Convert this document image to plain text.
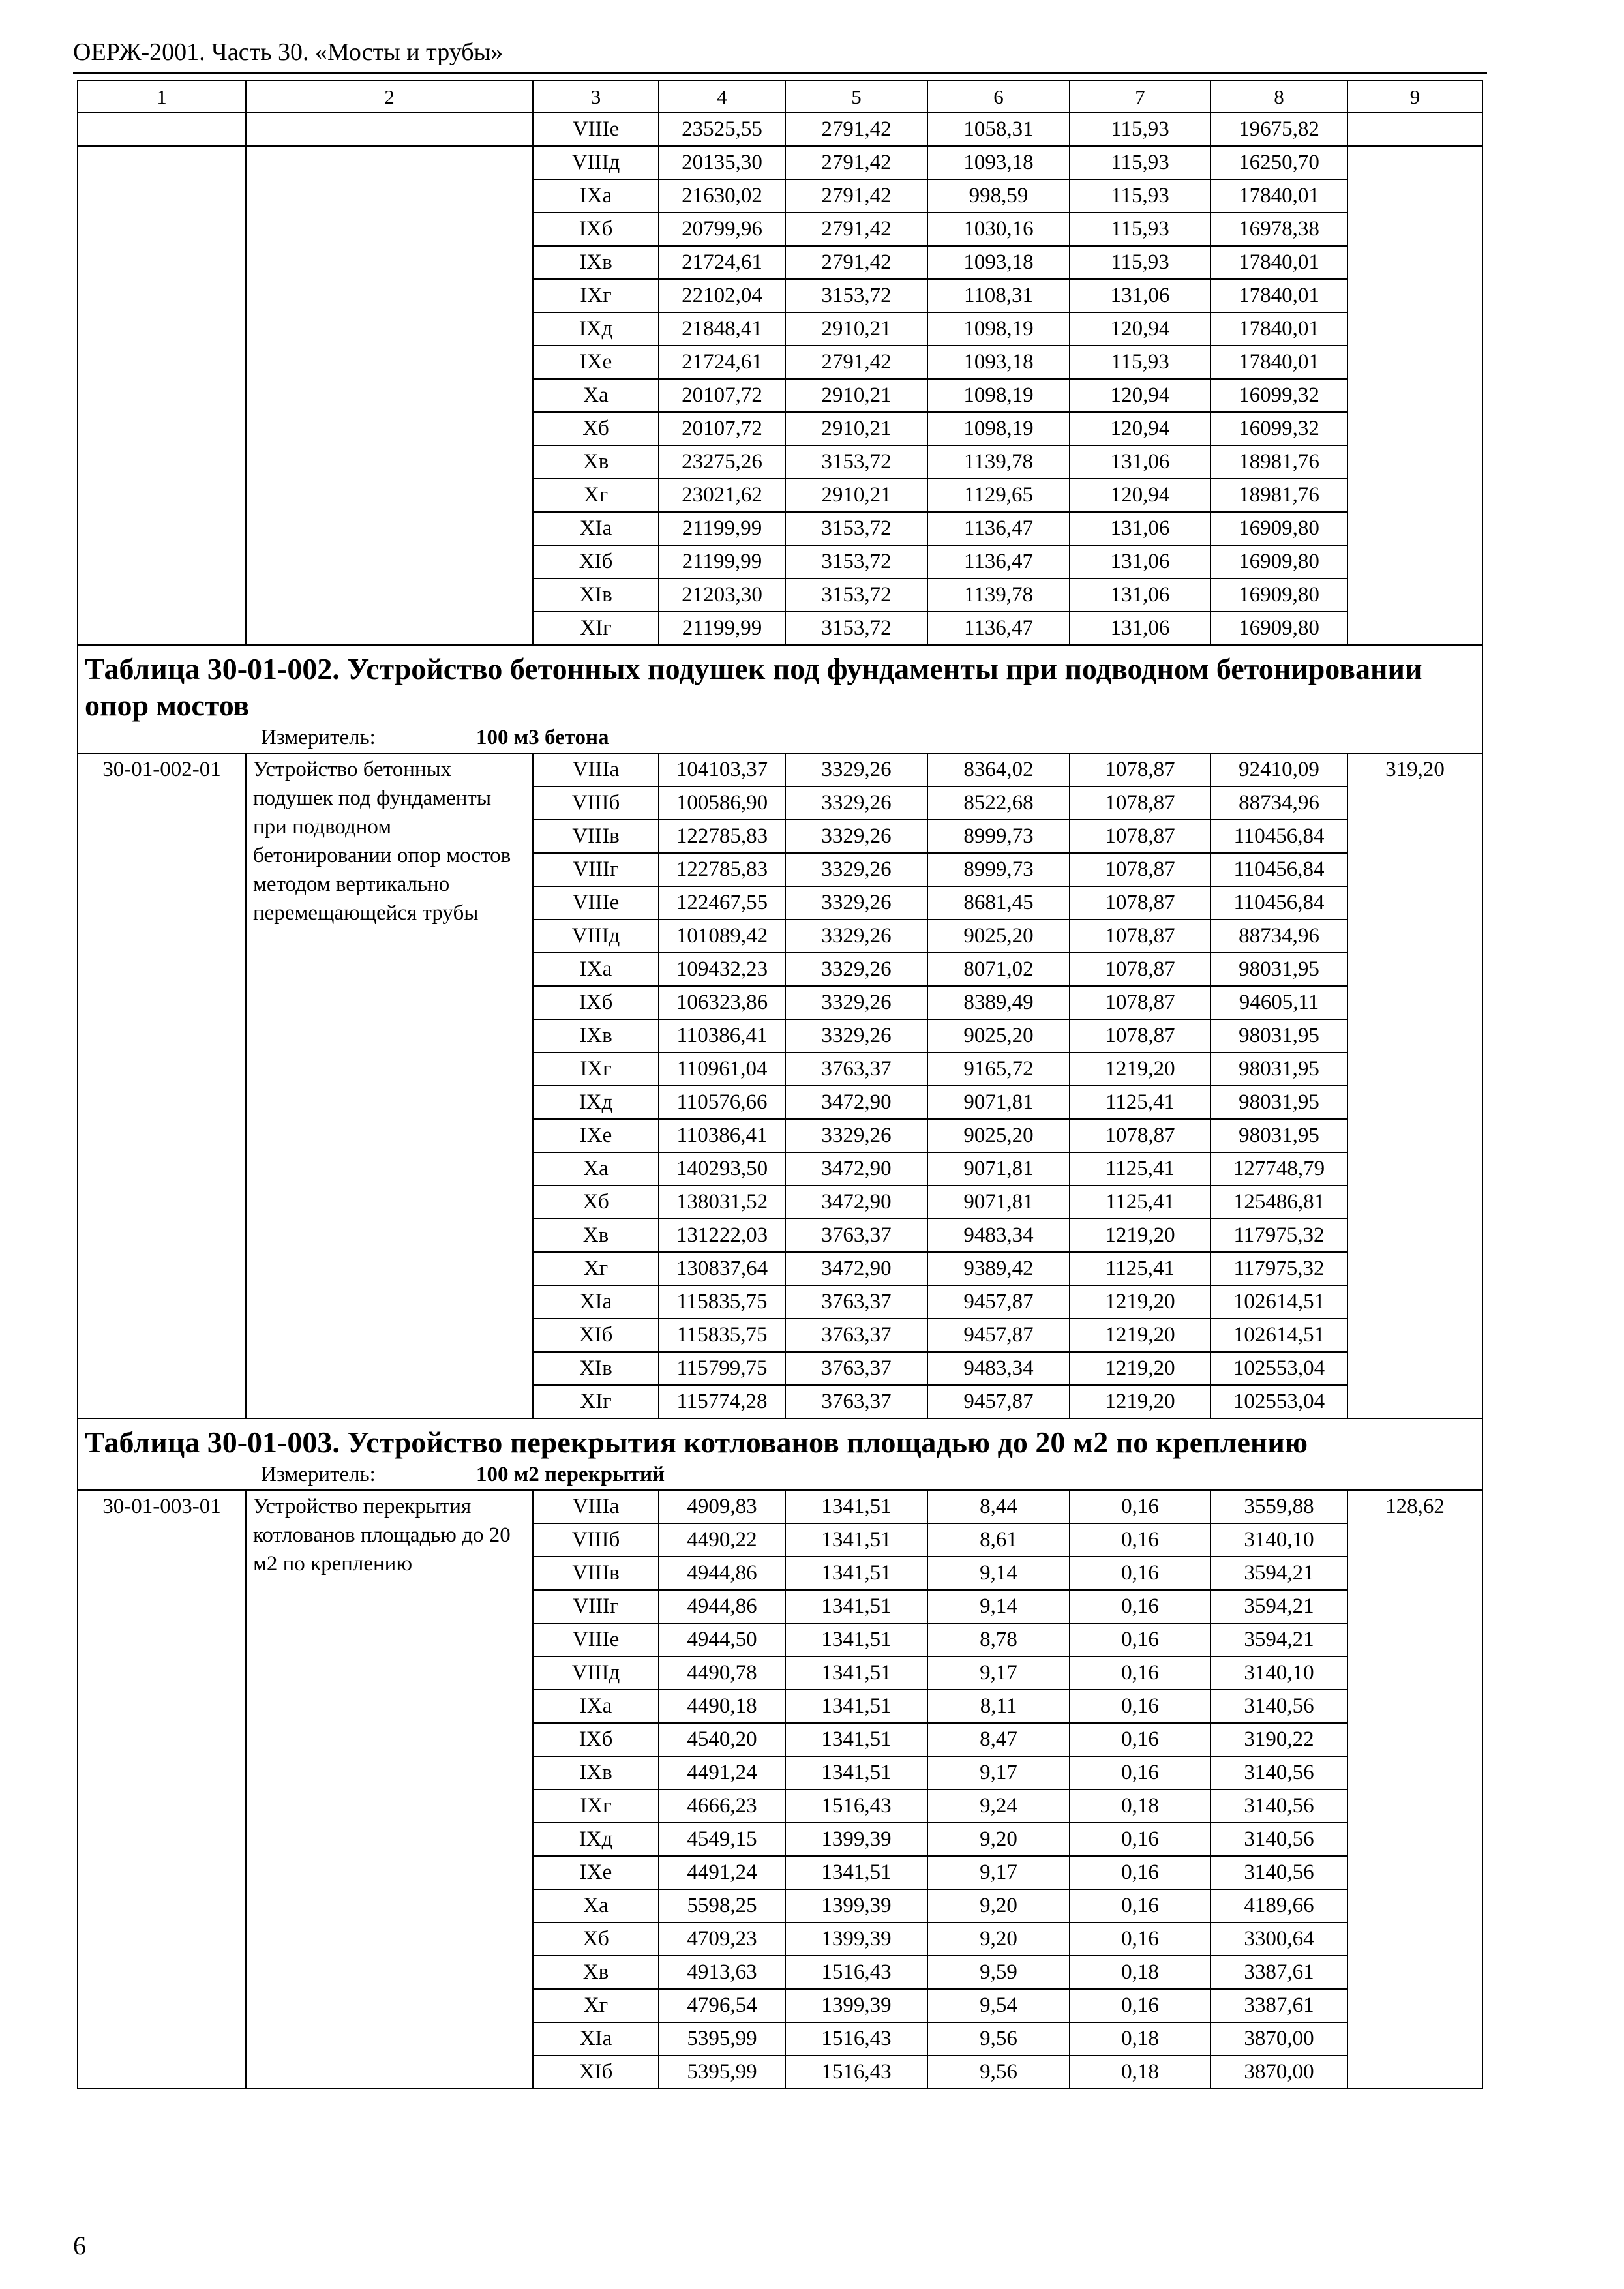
ОЕРЖ-2001. Часть 30. «Мосты и трубы»
1	2	3	4	5	6	7	8	9
		VIIIе	23525,55	2791,42	1058,31	115,93	19675,82	
		VIIIд	20135,30	2791,42	1093,18	115,93	16250,70	
		IXа	21630,02	2791,42	998,59	115,93	17840,01	
		IXб	20799,96	2791,42	1030,16	115,93	16978,38	
		IXв	21724,61	2791,42	1093,18	115,93	17840,01	
		IXг	22102,04	3153,72	1108,31	131,06	17840,01	
		IXд	21848,41	2910,21	1098,19	120,94	17840,01	
		IXе	21724,61	2791,42	1093,18	115,93	17840,01	
		Xа	20107,72	2910,21	1098,19	120,94	16099,32	
		Xб	20107,72	2910,21	1098,19	120,94	16099,32	
		Xв	23275,26	3153,72	1139,78	131,06	18981,76	
		Xг	23021,62	2910,21	1129,65	120,94	18981,76	
		XIа	21199,99	3153,72	1136,47	131,06	16909,80	
		XIб	21199,99	3153,72	1136,47	131,06	16909,80	
		XIв	21203,30	3153,72	1139,78	131,06	16909,80	
		XIг	21199,99	3153,72	1136,47	131,06	16909,80	

Таблица 30-01-002. Устройство бетонных подушек под фундаменты при подводном бетонировании опор мостов
Измеритель: 100 м3 бетона								

30-01-002-01	Устройство бетонных подушек под фундаменты при подводном бетонировании опор мостов методом вертикально перемещающейся трубы	VIIIа	104103,37	3329,26	8364,02	1078,87	92410,09	319,20
		VIIIб	100586,90	3329,26	8522,68	1078,87	88734,96	
		VIIIв	122785,83	3329,26	8999,73	1078,87	110456,84	
		VIIIг	122785,83	3329,26	8999,73	1078,87	110456,84	
		VIIIе	122467,55	3329,26	8681,45	1078,87	110456,84	
		VIIIд	101089,42	3329,26	9025,20	1078,87	88734,96	
		IXа	109432,23	3329,26	8071,02	1078,87	98031,95	
		IXб	106323,86	3329,26	8389,49	1078,87	94605,11	
		IXв	110386,41	3329,26	9025,20	1078,87	98031,95	
		IXг	110961,04	3763,37	9165,72	1219,20	98031,95	
		IXд	110576,66	3472,90	9071,81	1125,41	98031,95	
		IXе	110386,41	3329,26	9025,20	1078,87	98031,95	
		Xа	140293,50	3472,90	9071,81	1125,41	127748,79	
		Xб	138031,52	3472,90	9071,81	1125,41	125486,81	
		Xв	131222,03	3763,37	9483,34	1219,20	117975,32	
		Xг	130837,64	3472,90	9389,42	1125,41	117975,32	
		XIа	115835,75	3763,37	9457,87	1219,20	102614,51	
		XIб	115835,75	3763,37	9457,87	1219,20	102614,51	
		XIв	115799,75	3763,37	9483,34	1219,20	102553,04	
		XIг	115774,28	3763,37	9457,87	1219,20	102553,04	

Таблица 30-01-003. Устройство перекрытия котлованов площадью до 20 м2 по креплению
Измеритель: 100 м2 перекрытий								

30-01-003-01	Устройство перекрытия котлованов площадью до 20 м2 по креплению	VIIIа	4909,83	1341,51	8,44	0,16	3559,88	128,62
		VIIIб	4490,22	1341,51	8,61	0,16	3140,10	
		VIIIв	4944,86	1341,51	9,14	0,16	3594,21	
		VIIIг	4944,86	1341,51	9,14	0,16	3594,21	
		VIIIе	4944,50	1341,51	8,78	0,16	3594,21	
		VIIIд	4490,78	1341,51	9,17	0,16	3140,10	
		IXа	4490,18	1341,51	8,11	0,16	3140,56	
		IXб	4540,20	1341,51	8,47	0,16	3190,22	
		IXв	4491,24	1341,51	9,17	0,16	3140,56	
		IXг	4666,23	1516,43	9,24	0,18	3140,56	
		IXд	4549,15	1399,39	9,20	0,16	3140,56	
		IXе	4491,24	1341,51	9,17	0,16	3140,56	
		Xа	5598,25	1399,39	9,20	0,16	4189,66	
		Xб	4709,23	1399,39	9,20	0,16	3300,64	
		Xв	4913,63	1516,43	9,59	0,18	3387,61	
		Xг	4796,54	1399,39	9,54	0,16	3387,61	
		XIа	5395,99	1516,43	9,56	0,18	3870,00	
		XIб	5395,99	1516,43	9,56	0,18	3870,00	
6
